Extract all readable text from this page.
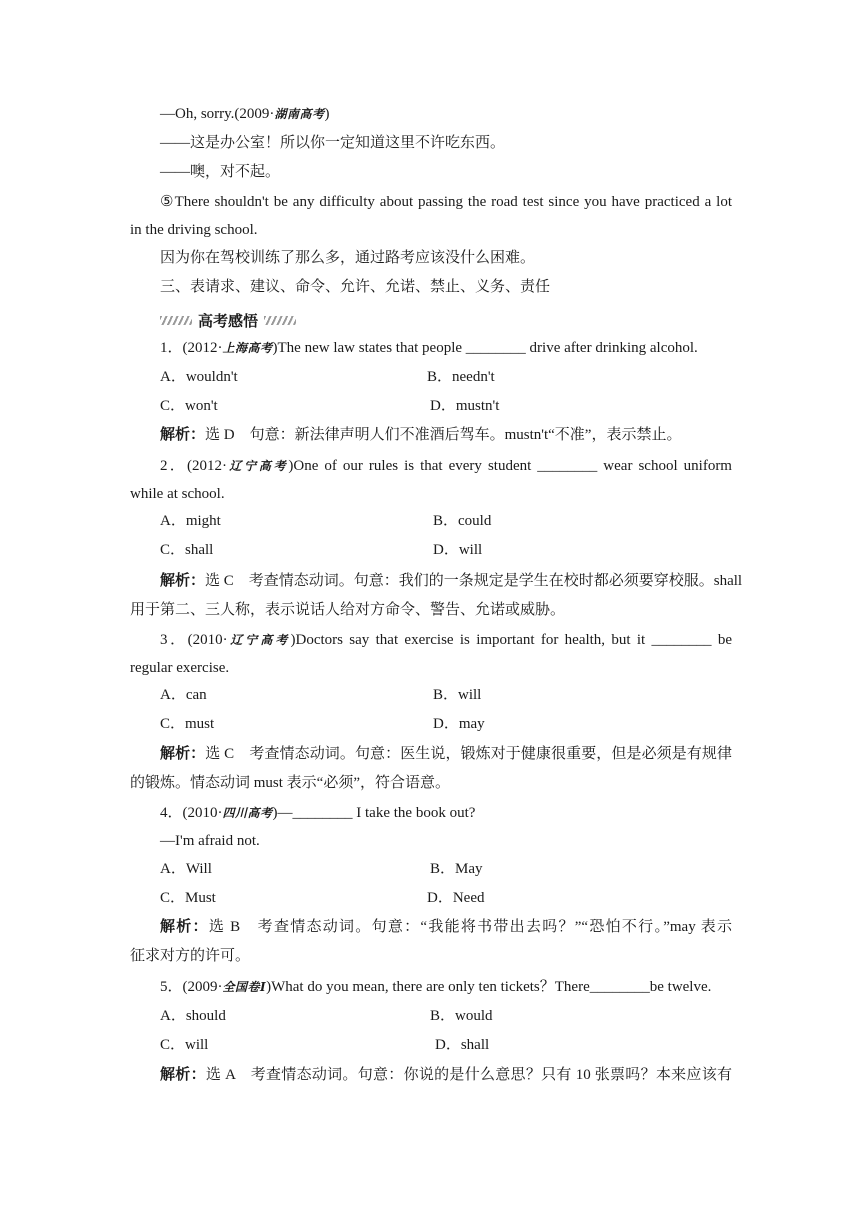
—Oh, sorry.(2009·湖南高考)
——这是办公室！所以你一定知道这里不许吃东西。
——噢，对不起。
⑤There shouldn't be any difficulty about passing the road test since you have practiced a lot
in the driving school.
因为你在驾校训练了那么多，通过路考应该没什么困难。
三、表请求、建议、命令、允许、允诺、禁止、义务、责任
高考感悟
1．(2012·上海高考)The new law states that people ________ drive after drinking alcohol.
A．wouldn't	B．needn't
C．won't	D．mustn't
解析：选 D　句意：新法律声明人们不准酒后驾车。mustn't“不准”，表示禁止。
2．(2012·辽宁高考)One of our rules is that every student ________ wear school uniform
while at school.
A．might	B．could
C．shall	D．will
解析：选 C　考查情态动词。句意：我们的一条规定是学生在校时都必须要穿校服。shall
用于第二、三人称，表示说话人给对方命令、警告、允诺或威胁。
3．(2010·辽宁高考)Doctors say that exercise is important for health, but it ________ be
regular exercise.
A．can	B．will
C．must	D．may
解析：选 C　考查情态动词。句意：医生说，锻炼对于健康很重要，但是必须是有规律
的锻炼。情态动词 must 表示“必须”，符合语意。
4．(2010·四川高考)—________ I take the book out?
—I'm afraid not.
A．Will	B．May
C．Must	D．Need
解析：选 B　考查情态动词。句意：“我能将书带出去吗？”“恐怕不行。”may 表示
征求对方的许可。
5．(2009·全国卷Ⅰ)What do you mean, there are only ten tickets？There________be twelve.
A．should	B．would
C．will	D．shall
解析：选 A　考查情态动词。句意：你说的是什么意思？只有 10 张票吗？本来应该有
